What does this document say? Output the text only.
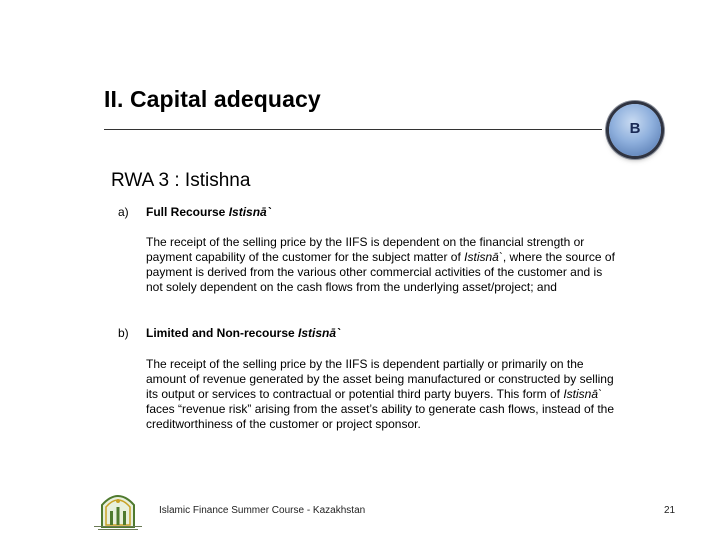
II. Capital adequacy
B
RWA 3 : Istishna
a) Full Recourse Istisnā`
The receipt of the selling price by the IIFS is dependent on the financial strength or payment capability of the customer for the subject matter of Istisnā`, where the source of payment is derived from the various other commercial activities of the customer and is not solely dependent on the cash flows from the underlying asset/project; and
b) Limited and Non-recourse Istisnā`
The receipt of the selling price by the IIFS is dependent partially or primarily on the amount of revenue generated by the asset being manufactured or constructed by selling its output or services to contractual or potential third party buyers. This form of Istisnā` faces “revenue risk” arising from the asset’s ability to generate cash flows, instead of the creditworthiness of the customer or project sponsor.
Islamic Finance Summer Course - Kazakhstan	21
